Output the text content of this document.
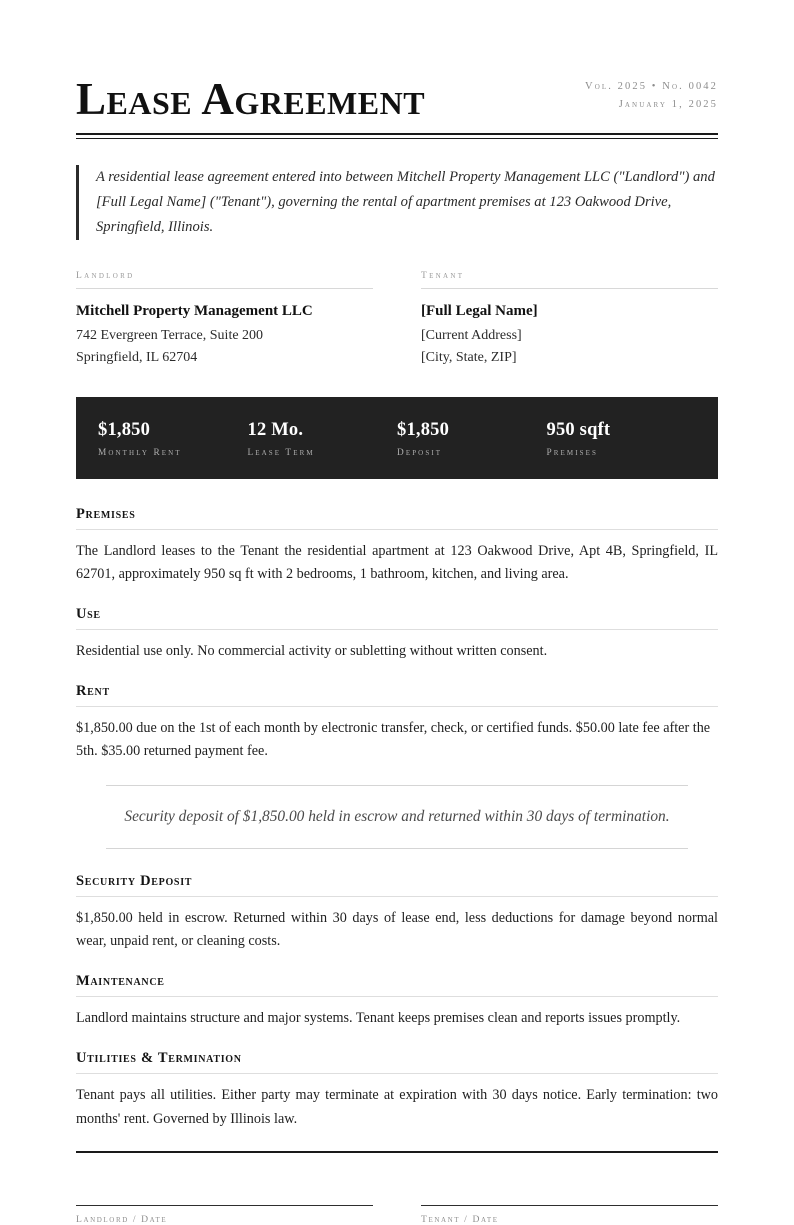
Lease Agreement	Vol. 2025 • No. 0042
January 1, 2025

A residential lease agreement entered into between Mitchell Property Management LLC ("Landlord") and [Full Legal Name] ("Tenant"), governing the rental of apartment premises at 123 Oakwood Drive, Springfield, Illinois.

Landlord
Mitchell Property Management LLC
742 Evergreen Terrace, Suite 200
Springfield, IL 62704
Tenant
[Full Legal Name]
[Current Address]
[City, State, ZIP]
$1,850
Monthly Rent
12 Mo.
Lease Term
$1,850
Deposit
950 sqft
Premises
Premises

The Landlord leases to the Tenant the residential apartment at 123 Oakwood Drive, Apt 4B, Springfield, IL 62701, approximately 950 sq ft with 2 bedrooms, 1 bathroom, kitchen, and living area.

Use

Residential use only. No commercial activity or subletting without written consent.

Rent

$1,850.00 due on the 1st of each month by electronic transfer, check, or certified funds. $50.00 late fee after the 5th. $35.00 returned payment fee.

Security deposit of $1,850.00 held in escrow and returned within 30 days of termination.
Security Deposit

$1,850.00 held in escrow. Returned within 30 days of lease end, less deductions for damage beyond normal wear, unpaid rent, or cleaning costs.

Maintenance

Landlord maintains structure and major systems. Tenant keeps premises clean and reports issues promptly.

Utilities & Termination

Tenant pays all utilities. Either party may terminate at expiration with 30 days notice. Early termination: two months' rent. Governed by Illinois law.

Landlord / Date	Tenant / Date
